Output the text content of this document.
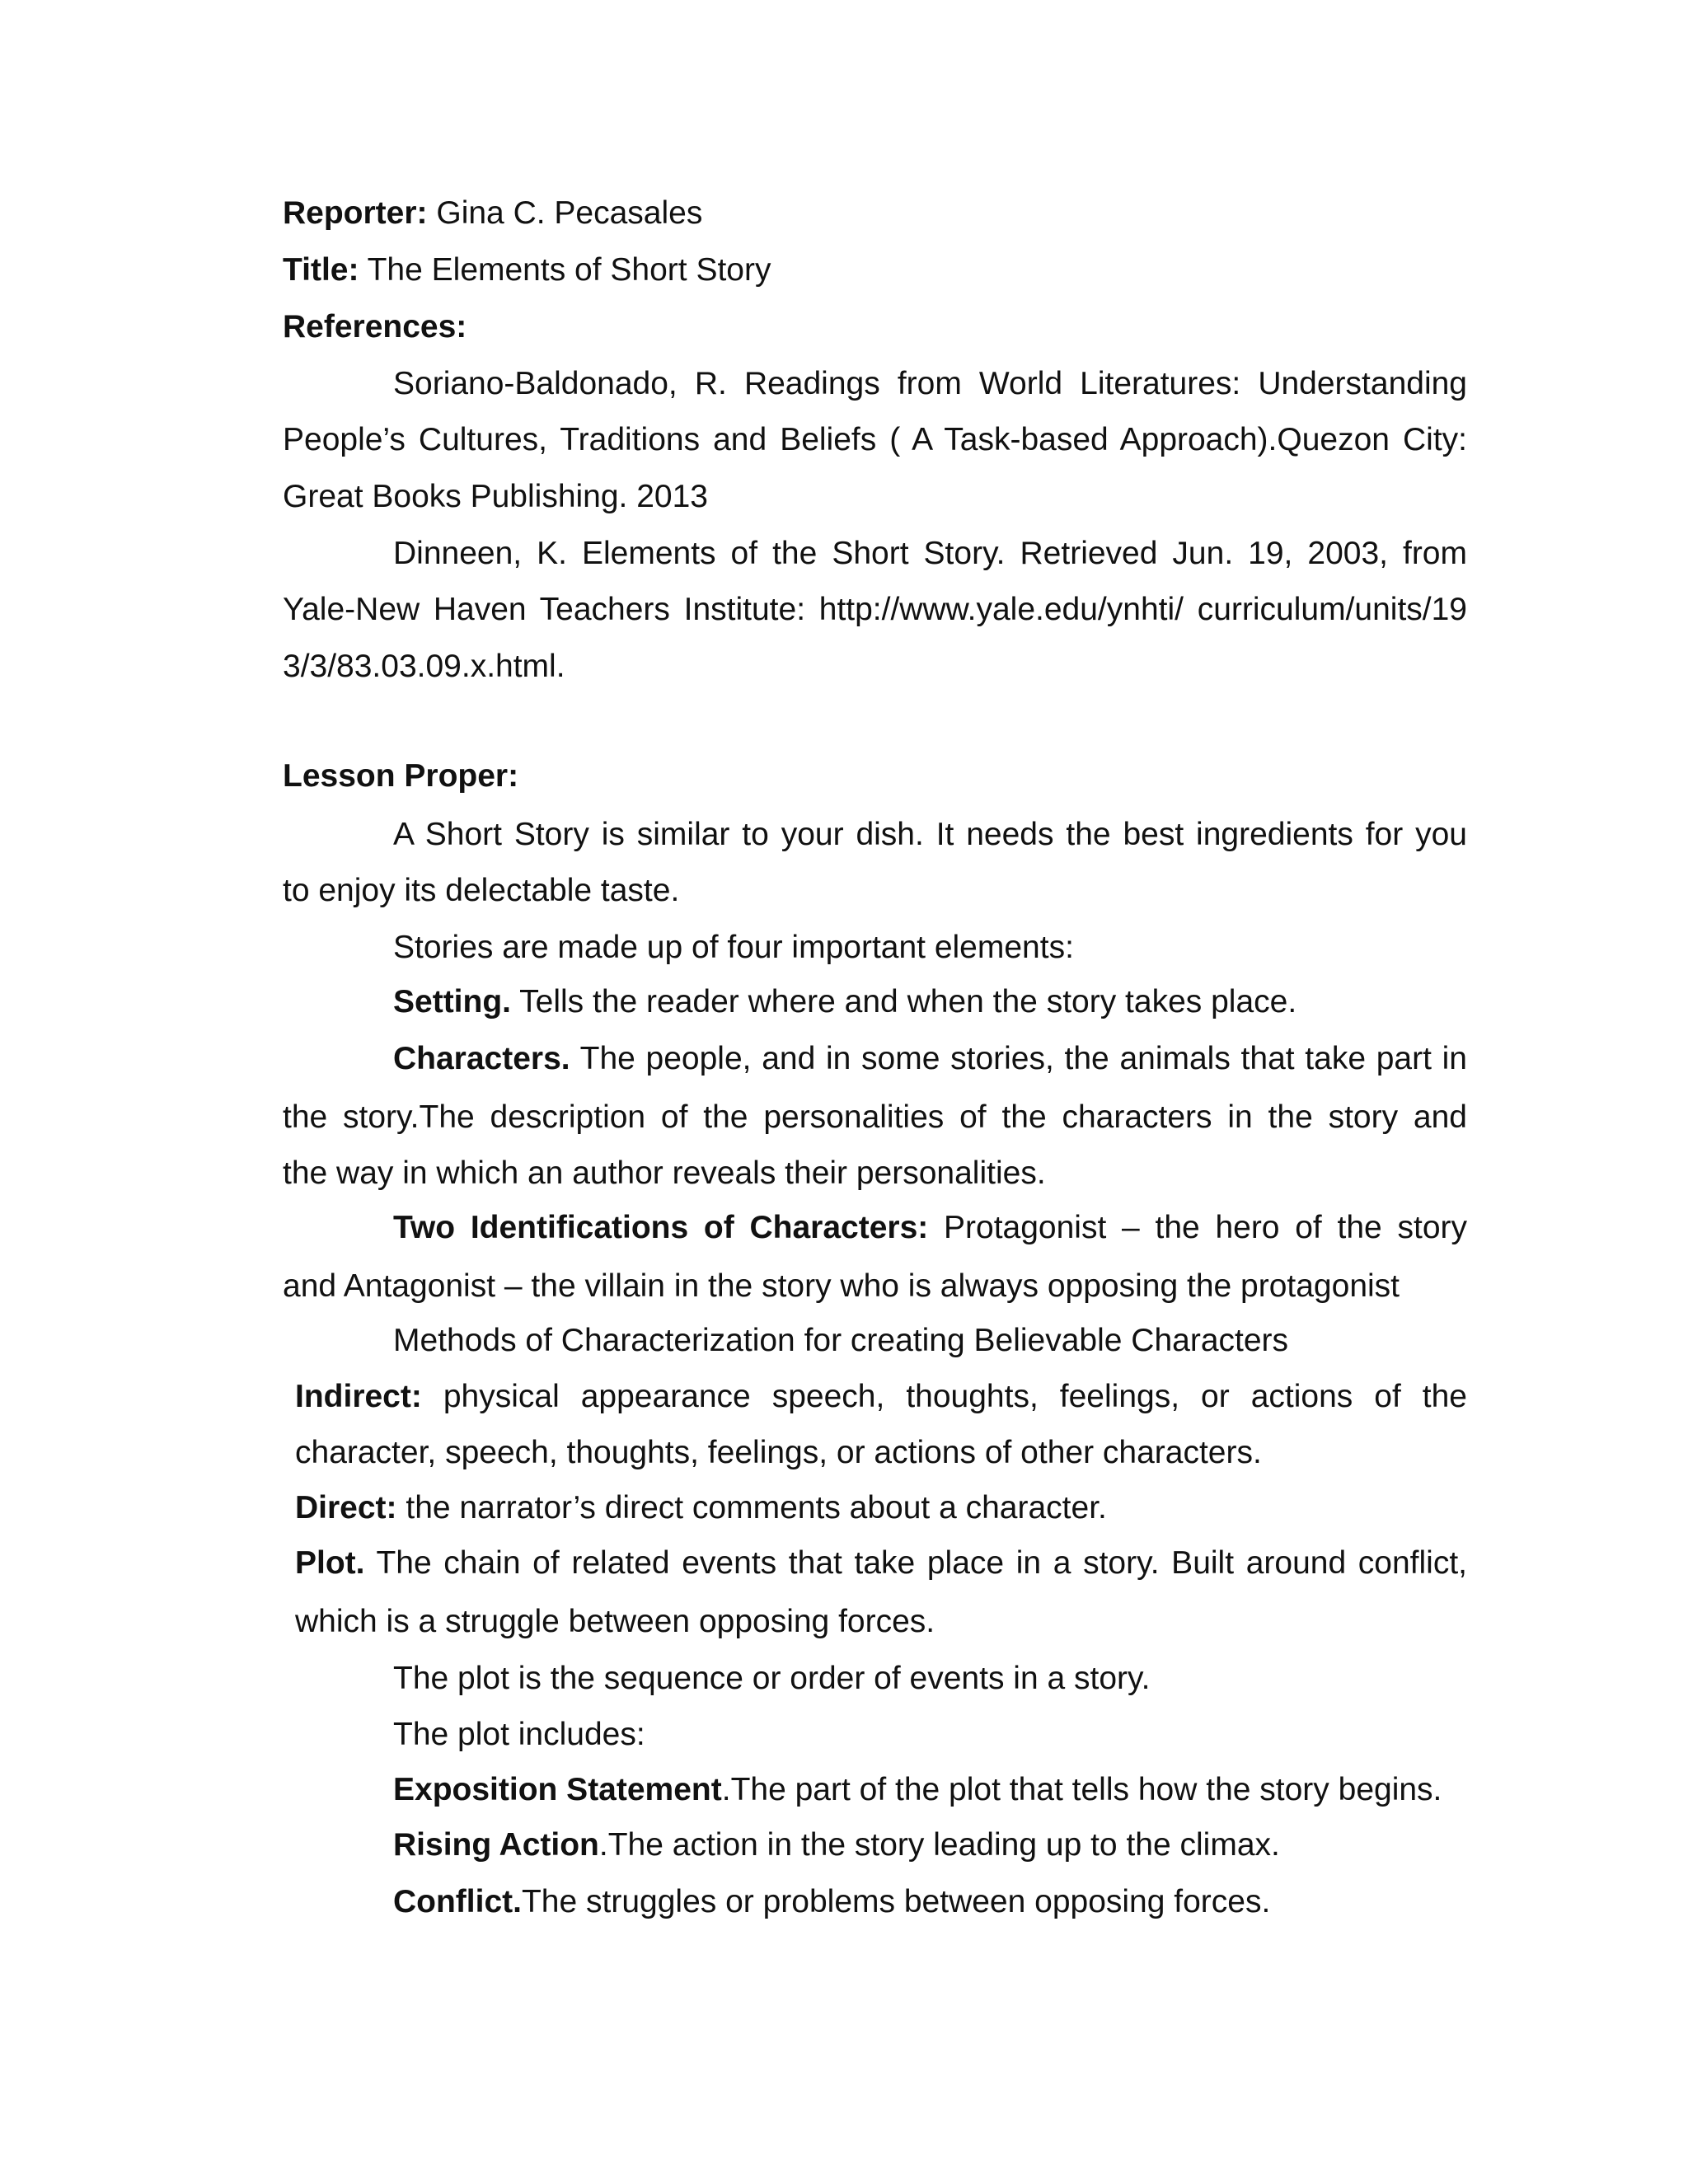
Reporter: Gina C. Pecasales
Title: The Elements of Short Story
References:
Soriano-Baldonado, R. Readings from World Literatures: Understanding
People’s Cultures, Traditions and Beliefs ( A Task-based Approach).Quezon City:
Great Books Publishing. 2013
Dinneen, K. Elements of the Short Story. Retrieved Jun. 19, 2003, from
Yale-New Haven Teachers Institute: http://www.yale.edu/ynhti/ curriculum/units/19
3/3/83.03.09.x.html.
Lesson Proper:
A Short Story is similar to your dish. It needs the best ingredients for you
to enjoy its delectable taste.
Stories are made up of four important elements:
Setting. Tells the reader where and when the story takes place.
Characters. The people, and in some stories, the animals that take part in
the story.The description of the personalities of the characters in the story and
the way in which an author reveals their personalities.
Two Identifications of Characters: Protagonist – the hero of the story
and Antagonist – the villain in the story who is always opposing the protagonist
Methods of Characterization for creating Believable Characters
Indirect: physical appearance speech, thoughts, feelings, or actions of the
character, speech, thoughts, feelings, or actions of other characters.
Direct: the narrator’s direct comments about a character.
Plot. The chain of related events that take place in a story. Built around conflict,
which is a struggle between opposing forces.
The plot is the sequence or order of events in a story.
The plot includes:
Exposition Statement.The part of the plot that tells how the story begins.
Rising Action.The action in the story leading up to the climax.
Conflict.The struggles or problems between opposing forces.
